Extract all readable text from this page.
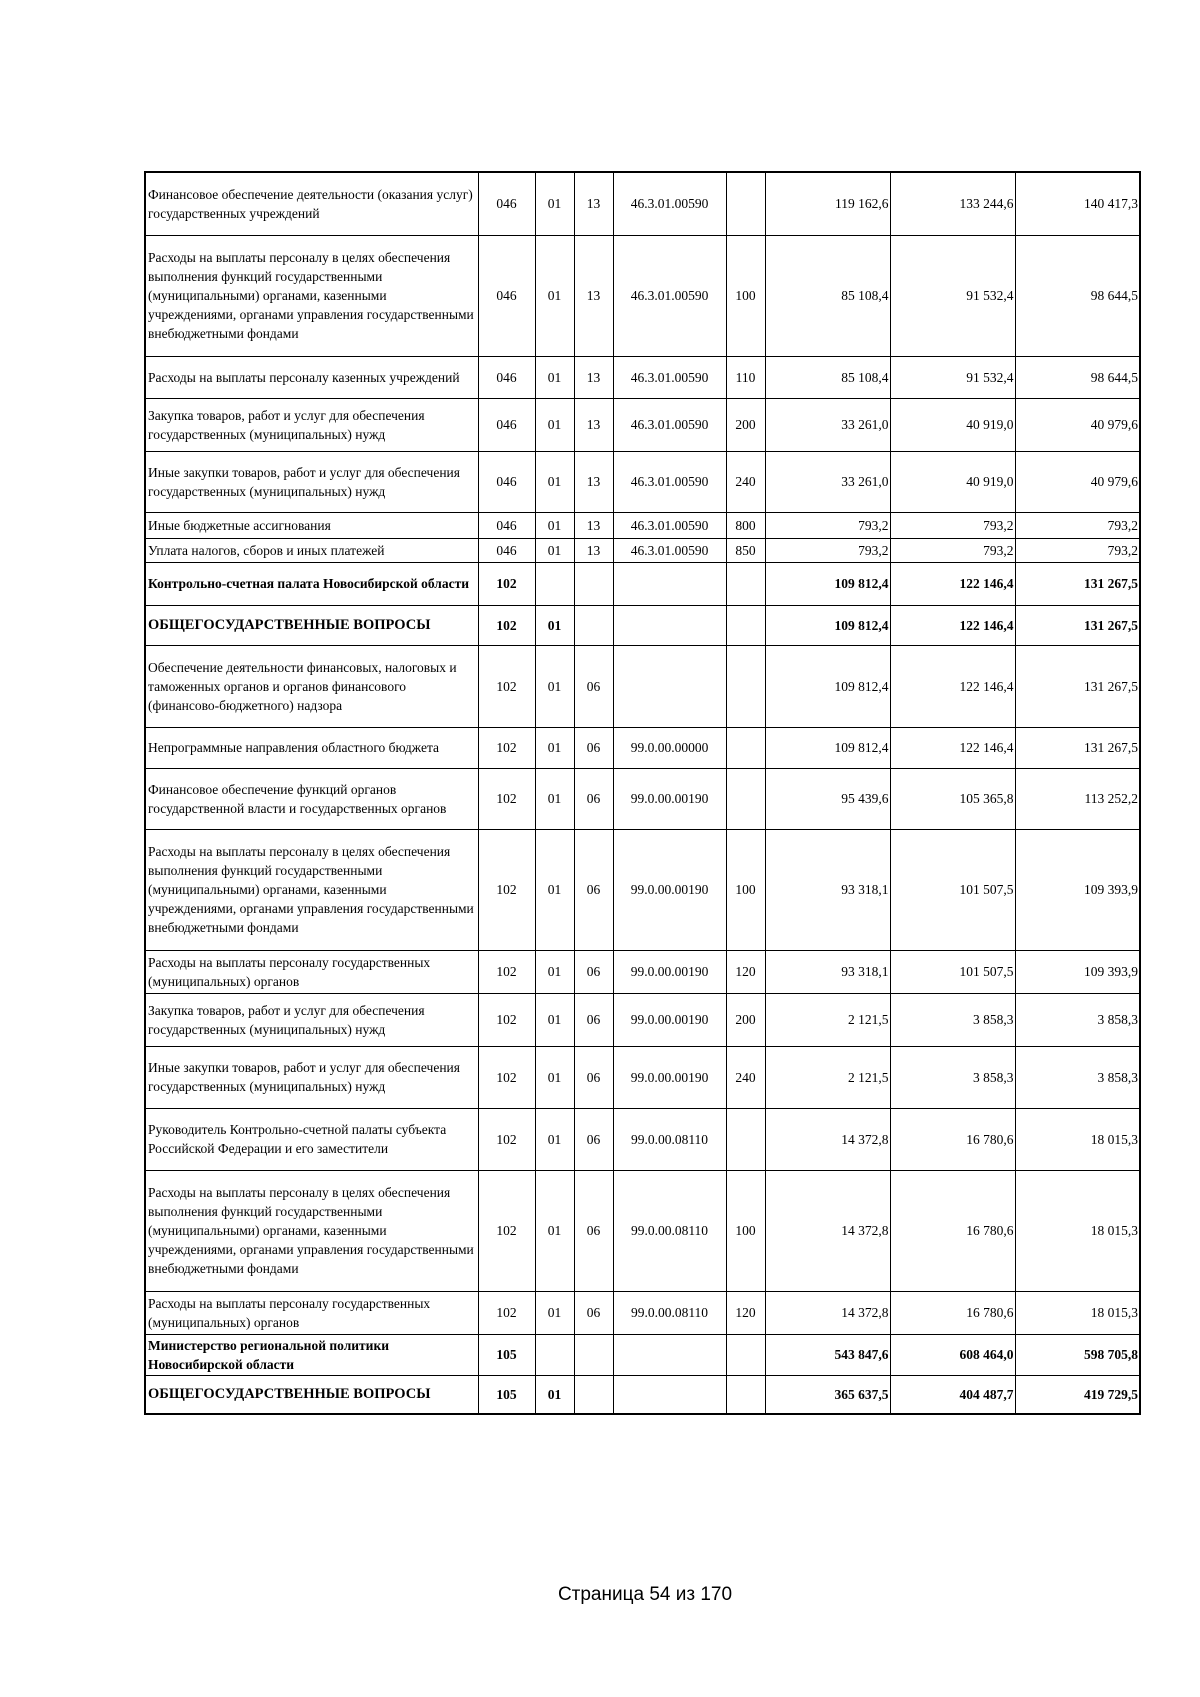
Финансовое обеспечение деятельности (оказания услуг) государственных учреждений	046	01	13	46.3.01.00590		119 162,6	133 244,6	140 417,3
Расходы на выплаты персоналу в целях обеспечения выполнения функций государственными (муниципальными) органами, казенными учреждениями, органами управления государственными внебюджетными фондами	046	01	13	46.3.01.00590	100	85 108,4	91 532,4	98 644,5
Расходы на выплаты персоналу казенных учреждений	046	01	13	46.3.01.00590	110	85 108,4	91 532,4	98 644,5
Закупка товаров, работ и услуг для обеспечения государственных (муниципальных) нужд	046	01	13	46.3.01.00590	200	33 261,0	40 919,0	40 979,6
Иные закупки товаров, работ и услуг для обеспечения государственных (муниципальных) нужд	046	01	13	46.3.01.00590	240	33 261,0	40 919,0	40 979,6
Иные бюджетные ассигнования	046	01	13	46.3.01.00590	800	793,2	793,2	793,2
Уплата налогов, сборов и иных платежей	046	01	13	46.3.01.00590	850	793,2	793,2	793,2
Контрольно-счетная палата Новосибирской области	102					109 812,4	122 146,4	131 267,5
ОБЩЕГОСУДАРСТВЕННЫЕ ВОПРОСЫ	102	01				109 812,4	122 146,4	131 267,5
Обеспечение деятельности финансовых, налоговых и таможенных органов и органов финансового (финансово-бюджетного) надзора	102	01	06			109 812,4	122 146,4	131 267,5
Непрограммные направления областного бюджета	102	01	06	99.0.00.00000		109 812,4	122 146,4	131 267,5
Финансовое обеспечение функций органов государственной власти и государственных органов	102	01	06	99.0.00.00190		95 439,6	105 365,8	113 252,2
Расходы на выплаты персоналу в целях обеспечения выполнения функций государственными (муниципальными) органами, казенными учреждениями, органами управления государственными внебюджетными фондами	102	01	06	99.0.00.00190	100	93 318,1	101 507,5	109 393,9
Расходы на выплаты персоналу государственных (муниципальных) органов	102	01	06	99.0.00.00190	120	93 318,1	101 507,5	109 393,9
Закупка товаров, работ и услуг для обеспечения государственных (муниципальных) нужд	102	01	06	99.0.00.00190	200	2 121,5	3 858,3	3 858,3
Иные закупки товаров, работ и услуг для обеспечения государственных (муниципальных) нужд	102	01	06	99.0.00.00190	240	2 121,5	3 858,3	3 858,3
Руководитель Контрольно-счетной палаты субъекта Российской Федерации и его заместители	102	01	06	99.0.00.08110		14 372,8	16 780,6	18 015,3
Расходы на выплаты персоналу в целях обеспечения выполнения функций государственными (муниципальными) органами, казенными учреждениями, органами управления государственными внебюджетными фондами	102	01	06	99.0.00.08110	100	14 372,8	16 780,6	18 015,3
Расходы на выплаты персоналу государственных (муниципальных) органов	102	01	06	99.0.00.08110	120	14 372,8	16 780,6	18 015,3
Министерство региональной политики Новосибирской области	105					543 847,6	608 464,0	598 705,8
ОБЩЕГОСУДАРСТВЕННЫЕ ВОПРОСЫ	105	01				365 637,5	404 487,7	419 729,5
Страница 54 из 170
